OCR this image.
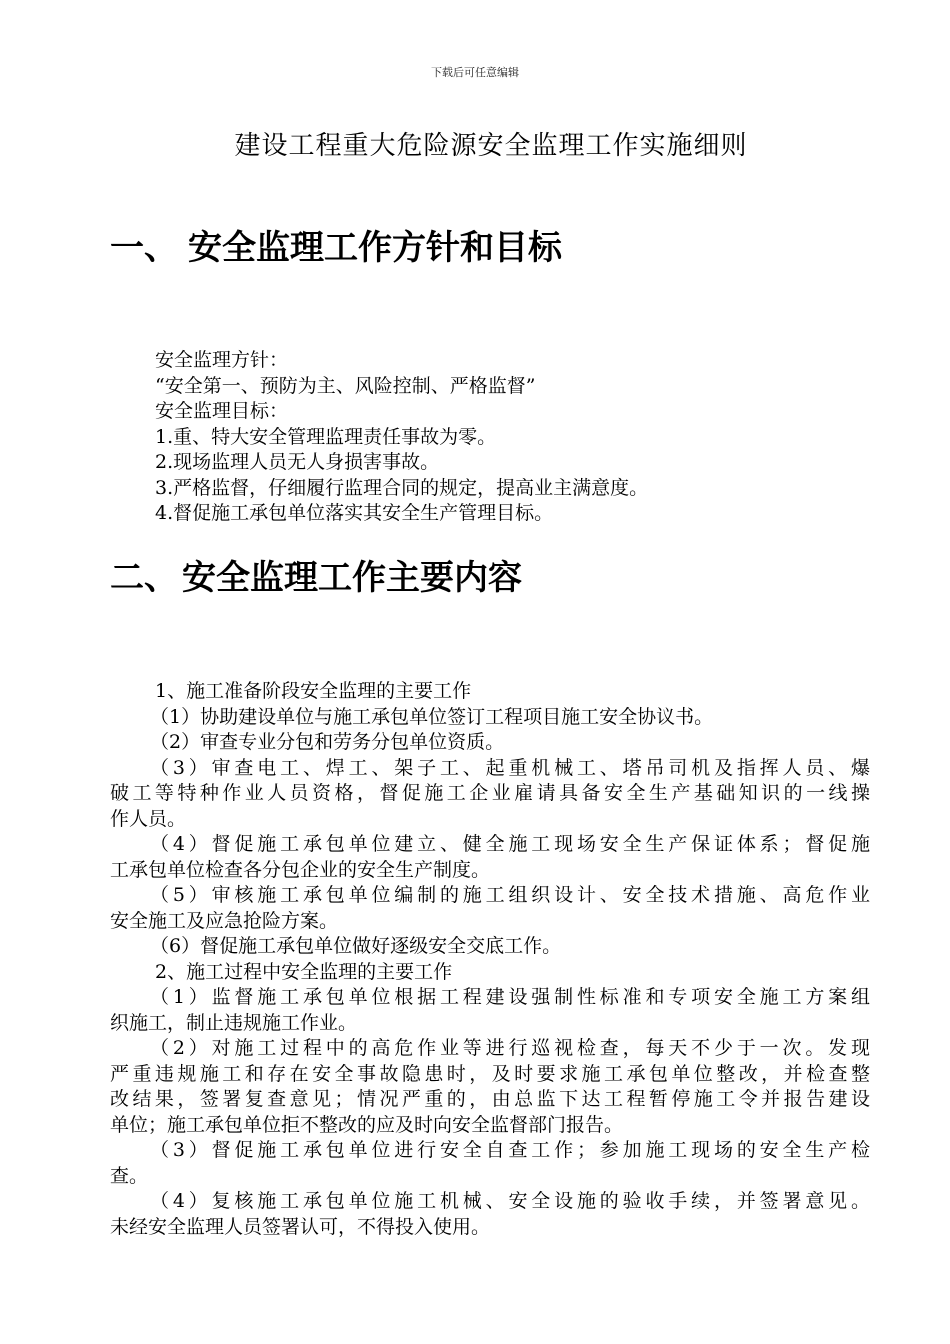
下载后可任意编辑
建设工程重大危险源安全监理工作实施细则
一、 安全监理工作方针和目标
安全监理方针：
“安全第一、预防为主、风险控制、严格监督”
安全监理目标：
1.重、特大安全管理监理责任事故为零。
2.现场监理人员无人身损害事故。
3.严格监督，仔细履行监理合同的规定，提高业主满意度。
4.督促施工承包单位落实其安全生产管理目标。
二、 安全监理工作主要内容
1、施工准备阶段安全监理的主要工作
（1）协助建设单位与施工承包单位签订工程项目施工安全协议书。
（2）审查专业分包和劳务分包单位资质。
（3）审查电工、焊工、架子工、起重机械工、塔吊司机及指挥人员、爆
破工等特种作业人员资格，督促施工企业雇请具备安全生产基础知识的一线操
作人员。
（4）督促施工承包单位建立、健全施工现场安全生产保证体系；督促施
工承包单位检查各分包企业的安全生产制度。
（5）审核施工承包单位编制的施工组织设计、安全技术措施、高危作业
安全施工及应急抢险方案。
（6）督促施工承包单位做好逐级安全交底工作。
2、施工过程中安全监理的主要工作
（1）监督施工承包单位根据工程建设强制性标准和专项安全施工方案组
织施工，制止违规施工作业。
（2）对施工过程中的高危作业等进行巡视检查，每天不少于一次。发现
严重违规施工和存在安全事故隐患时，及时要求施工承包单位整改，并检查整
改结果，签署复查意见；情况严重的，由总监下达工程暂停施工令并报告建设
单位；施工承包单位拒不整改的应及时向安全监督部门报告。
（3）督促施工承包单位进行安全自查工作；参加施工现场的安全生产检
查。
（4）复核施工承包单位施工机械、安全设施的验收手续，并签署意见。
未经安全监理人员签署认可，不得投入使用。
